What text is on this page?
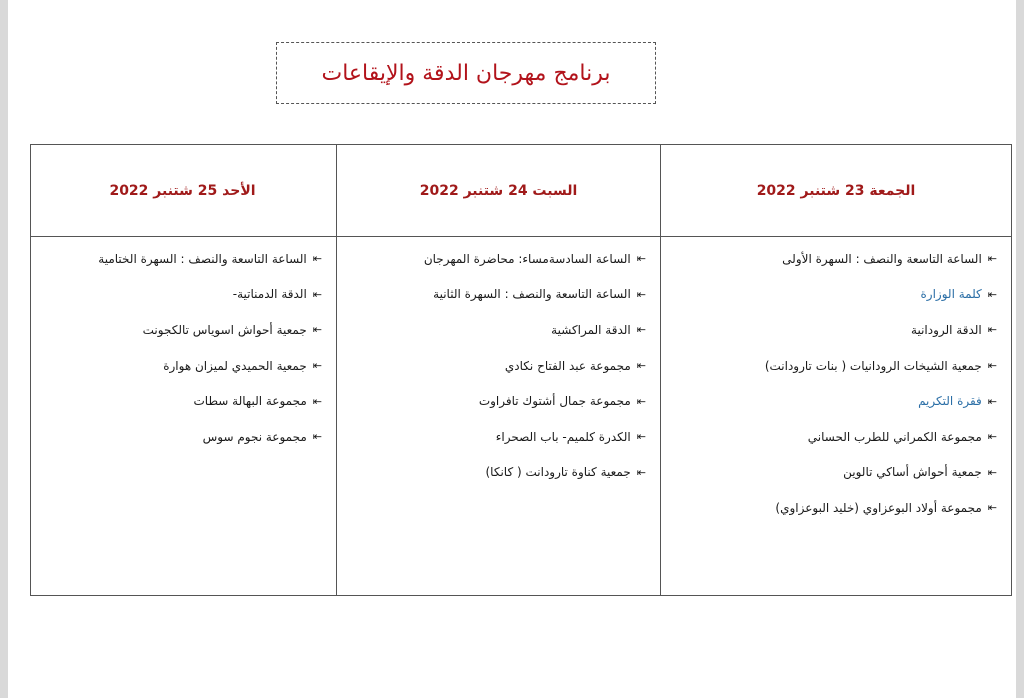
برنامج مهرجان الدقة والإيقاعات
الجمعة 23 شتنبر 2022
⇤
الساعة التاسعة والنصف : السهرة الأولى
⇤
كلمة الوزارة
⇤
الدقة الرودانية
⇤
جمعية الشيخات الرودانيات ( بنات تارودانت)
⇤
فقرة التكريم
⇤
مجموعة الكمراني للطرب الحساني
⇤
جمعية أحواش أساكي تالوين
⇤
مجموعة أولاد البوعزاوي (خليد البوعزاوي)
السبت 24 شتنبر 2022
⇤
الساعة السادسةمساء: محاضرة المهرجان
⇤
الساعة التاسعة والنصف : السهرة الثانية
⇤
الدقة المراكشية
⇤
مجموعة عبد الفتاح نكادي
⇤
مجموعة جمال أشتوك تافراوت
⇤
الكدرة كلميم- باب الصحراء
⇤
جمعية كناوة تارودانت ( كانكا)
الأحد 25 شتنبر 2022
⇤
الساعة التاسعة والنصف : السهرة الختامية
⇤
الدقة الدمناتية-
⇤
جمعية أحواش اسوياس تالكجونت
⇤
جمعية الحميدي لميزان هوارة
⇤
مجموعة البهالة سطات
⇤
مجموعة نجوم سوس
